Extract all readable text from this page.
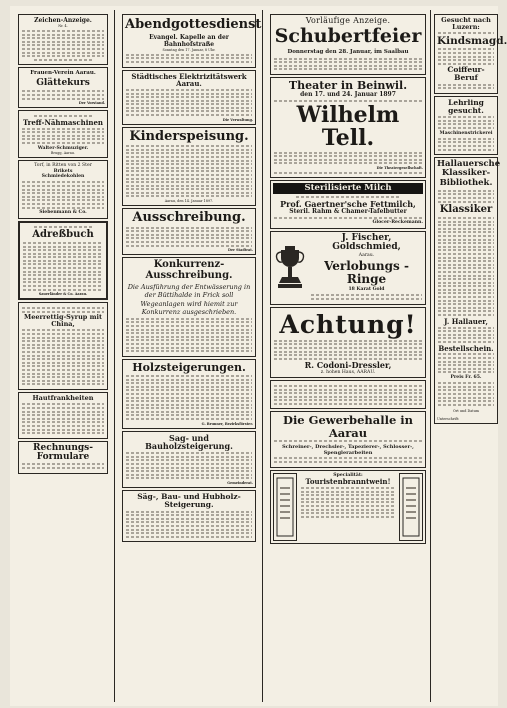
Zeichen-Anzeige.
Nr. 4.
Frauen-Verein Aarau.
Glättekurs
Der Vorstand.
Treff-Nähmaschinen
Walter-Schmuziger.
Brugg, Aarau.
Torf, in Ritten von 2 Ster
Brikets
Schmiedekohlen
Siebenmann & Co.
Adreßbuch
Sauerländer & Co. Aarau.
Meerrettig-Syrup mit China,
Hautfrankheiten
Rechnungs-Formulare
Abendgottesdienst
Evangel. Kapelle an der Bahnhofstraße
Sonntag den 17. Januar, 8 Uhr.
Städtisches Elektrizitätswerk Aarau.
Die Verwaltung.
Kinderspeisung.
Aarau, den 14. Januar 1897.
Ausschreibung.
Der Stadtrat.
Konkurrenz-Ausschreibung.
Die Ausführung der Entwässerung in der Büttihalde in Frick soll Wegeanlagen wird hiemit zur Konkurrenz ausgeschrieben.
Holzsteigerungen.
G. Brunner, Bezirksförster.
Sag- und Bauholzsteigerung.
Gemeinderat.
Säg-, Bau- und Hubholz-Steigerung.
Vorläufige Anzeige.
Schubertfeier
Donnerstag den 28. Januar, im Saalbau
Theater in Beinwil.
den 17. und 24. Januar 1897
Wilhelm Tell.
Die Theatergesellschaft.
Sterilisierte Milch
Prof. Gaertner'sche Fettmilch,
Steril. Rahm & Chamer-Tafelbutter
Glocer-Reckemann.
J. Fischer, Goldschmied,
Aarau.
Verlobungs - Ringe
18 Karat Gold
Achtung!
R. Codoni-Dressler,
z. hohen Haus, AARAU.
Die Gewerbehalle in Aarau
Schreiner-, Drechsler-, Tapezierer-, Schlosser-, Spenglerarbeiten
Specialität:
Touristenbranntwein!
Gesucht nach Luzern:
Kindsmagd.
Coiffeur-Beruf
Lehrling gesucht.
Maschinenstrickerei
Hallauersche Klassiker-Bibliothek.
Klassiker
J. Hallauer,
Bestellschein.
Preis Fr. 65.
Ort und Datum
Unterschrift:
